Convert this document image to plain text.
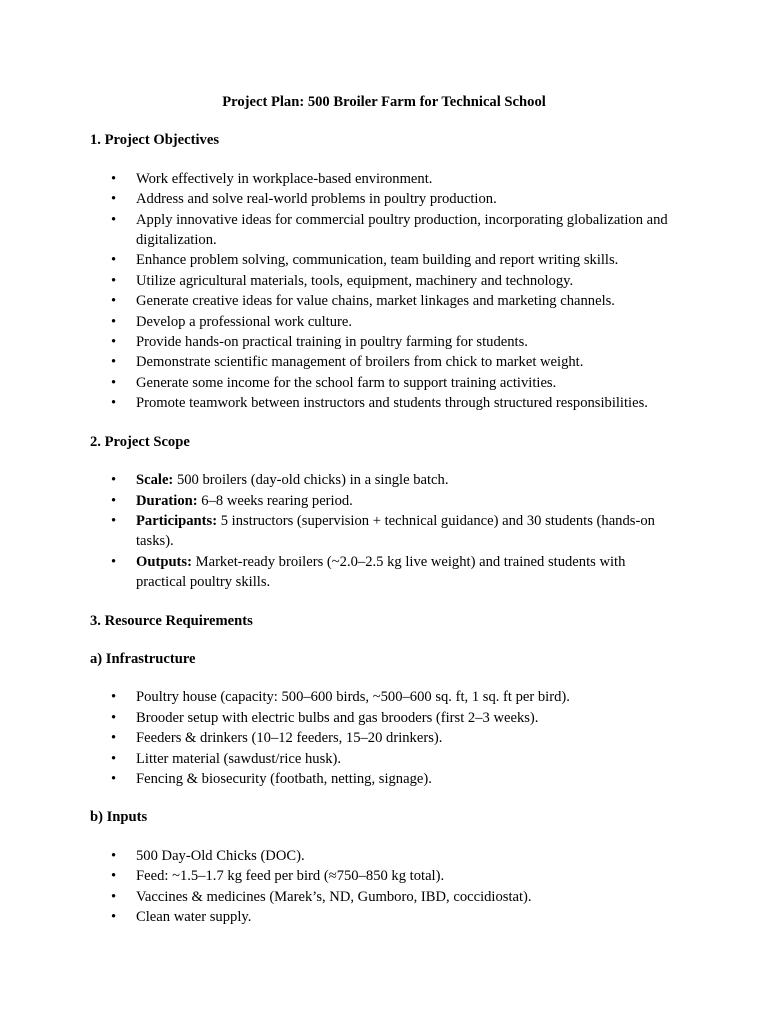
Project Plan: 500 Broiler Farm for Technical School
1. Project Objectives
• Work effectively in workplace-based environment.
• Address and solve real-world problems in poultry production.
• Apply innovative ideas for commercial poultry production, incorporating globalization and digitalization.
• Enhance problem solving, communication, team building and report writing skills.
• Utilize agricultural materials, tools, equipment, machinery and technology.
• Generate creative ideas for value chains, market linkages and marketing channels.
• Develop a professional work culture.
• Provide hands-on practical training in poultry farming for students.
• Demonstrate scientific management of broilers from chick to market weight.
• Generate some income for the school farm to support training activities.
• Promote teamwork between instructors and students through structured responsibilities.
2. Project Scope
• Scale: 500 broilers (day-old chicks) in a single batch.
• Duration: 6–8 weeks rearing period.
• Participants: 5 instructors (supervision + technical guidance) and 30 students (hands-on tasks).
• Outputs: Market-ready broilers (~2.0–2.5 kg live weight) and trained students with practical poultry skills.
3. Resource Requirements
a) Infrastructure
• Poultry house (capacity: 500–600 birds, ~500–600 sq. ft, 1 sq. ft per bird).
• Brooder setup with electric bulbs and gas brooders (first 2–3 weeks).
• Feeders & drinkers (10–12 feeders, 15–20 drinkers).
• Litter material (sawdust/rice husk).
• Fencing & biosecurity (footbath, netting, signage).
b) Inputs
• 500 Day-Old Chicks (DOC).
• Feed: ~1.5–1.7 kg feed per bird (≈750–850 kg total).
• Vaccines & medicines (Marek’s, ND, Gumboro, IBD, coccidiostat).
• Clean water supply.
